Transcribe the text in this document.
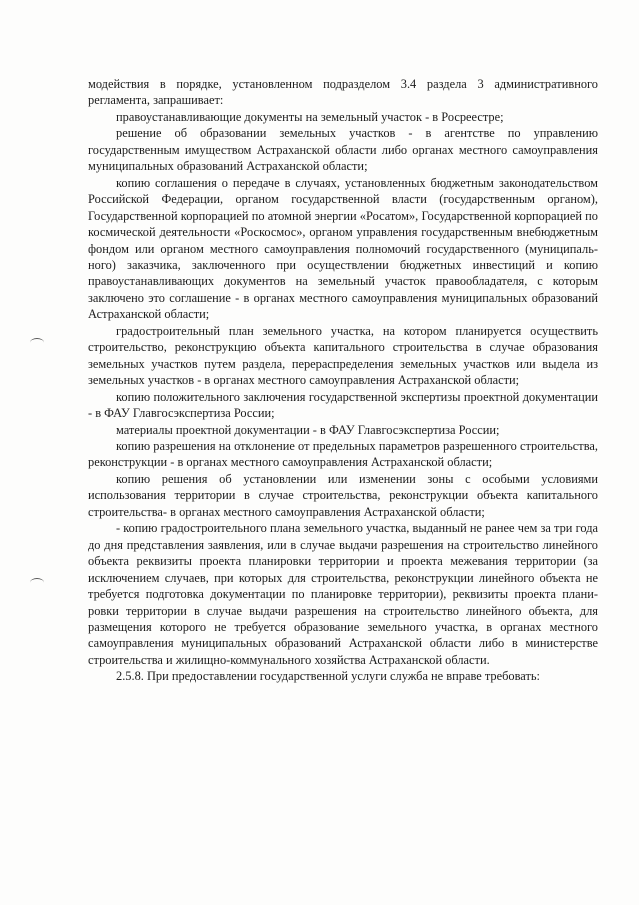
модействия в порядке, установленном подразделом 3.4 раздела 3 административного регламента, запрашивает:

правоустанавливающие документы на земельный участок - в Росреестре;

решение об образовании земельных участков - в агентстве по управлению государственным имуществом Астраханской области либо органах местного самоуправления муниципальных образований Астраханской области;

копию соглашения о передаче в случаях, установленных бюджетным законодательством Российской Федерации, органом государственной власти (государственным органом), Государственной корпорацией по атомной энергии «Росатом», Государственной корпорацией по космической деятельности «Роскосмос», органом управления государственным внебюджетным фондом или органом местного самоуправления полномочий государственного (муниципального) заказчика, заключенного при осуществлении бюджетных инвестиций и копию правоустанавливающих документов на земельный участок правообладателя, с которым заключено это соглашение - в органах местного самоуправления муниципальных образований Астраханской области;

градостроительный план земельного участка, на котором планируется осуществить строительство, реконструкцию объекта капитального строительства в случае образования земельных участков путем раздела, перераспределения земельных участков или выдела из земельных участков - в органах местного самоуправления Астраханской области;

копию положительного заключения государственной экспертизы проектной документации - в ФАУ Главгосэкспертиза России;

материалы проектной документации - в ФАУ Главгосэкспертиза России;

копию разрешения на отклонение от предельных параметров разрешенного строительства, реконструкции - в органах местного самоуправления Астраханской области;

копию решения об установлении или изменении зоны с особыми условиями использования территории в случае строительства, реконструкции объекта капитального строительства- в органах местного самоуправления Астраханской области;

- копию градостроительного плана земельного участка, выданный не ранее чем за три года до дня представления заявления, или в случае выдачи разрешения на строительство линейного объекта реквизиты проекта планировки территории и проекта межевания территории (за исключением случаев, при которых для строительства, реконструкции линейного объекта не требуется подготовка документации по планировке территории), реквизиты проекта планировки территории в случае выдачи разрешения на строительство линейного объекта, для размещения которого не требуется образование земельного участка, в органах местного самоуправления муниципальных образований Астраханской области либо в министерстве строительства и жилищно-коммунального хозяйства Астраханской области.

2.5.8. При предоставлении государственной услуги служба не вправе требовать:
